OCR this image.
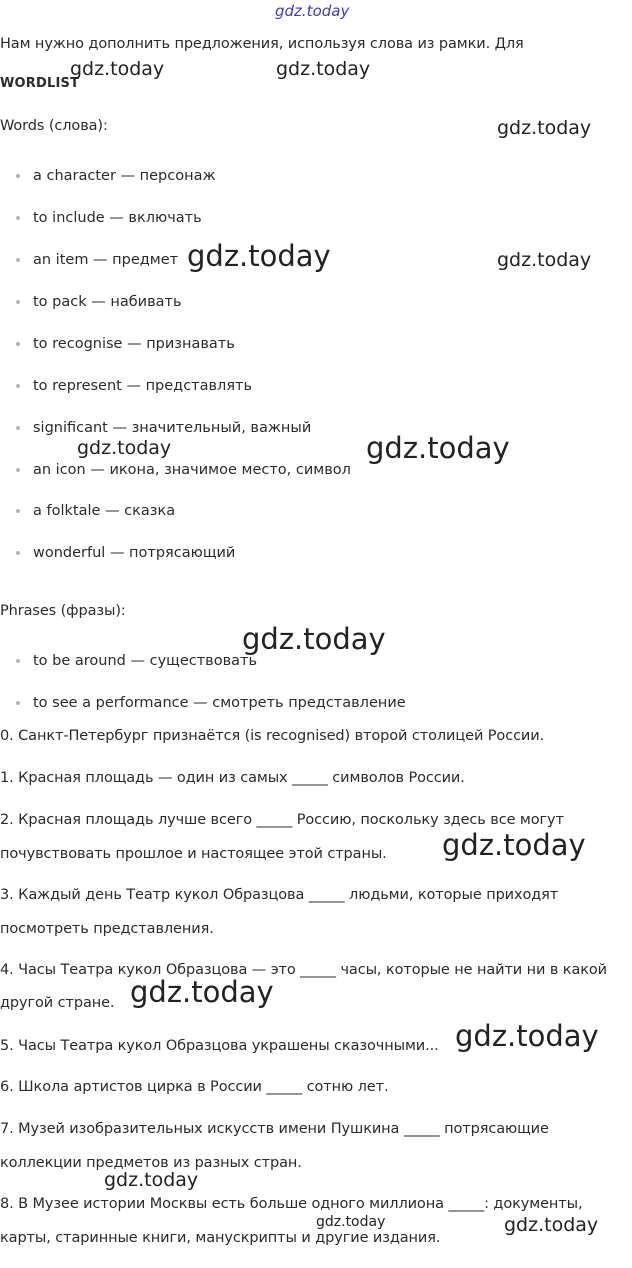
Нам нужно дополнить предложения, используя слова из рамки. Для
WORDLIST
Words (слова):
a character — персонаж
to include — включать
an item — предмет
to pack — набивать
to recognise — признавать
to represent — представлять
significant — значительный, важный
an icon — икона, значимое место, символ
a folktale — сказка
wonderful — потрясающий
Phrases (фразы):
to be around — существовать
to see a performance — смотреть представление
0. Санкт-Петербург признаётся (is recognised) второй столицей России.
1. Красная площадь — один из самых _____ символов России.
2. Красная площадь лучше всего _____ Россию, поскольку здесь все могут
почувствовать прошлое и настоящее этой страны.
3. Каждый день Театр кукол Образцова _____ людьми, которые приходят
посмотреть представления.
4. Часы Театра кукол Образцова — это _____ часы, которые не найти ни в какой
другой стране.
5. Часы Театра кукол Образцова украшены сказочными...
6. Школа артистов цирка в России _____ сотню лет.
7. Музей изобразительных искусств имени Пушкина _____ потрясающие
коллекции предметов из разных стран.
8. В Музее истории Москвы есть больше одного миллиона _____: документы,
карты, старинные книги, манускрипты и другие издания.
gdz.today
gdz.today	gdz.today
gdz.today
gdz.today	gdz.today
gdz.today	gdz.today
gdz.today
gdz.today
gdz.today
gdz.today
gdz.today
gdz.today	gdz.today
